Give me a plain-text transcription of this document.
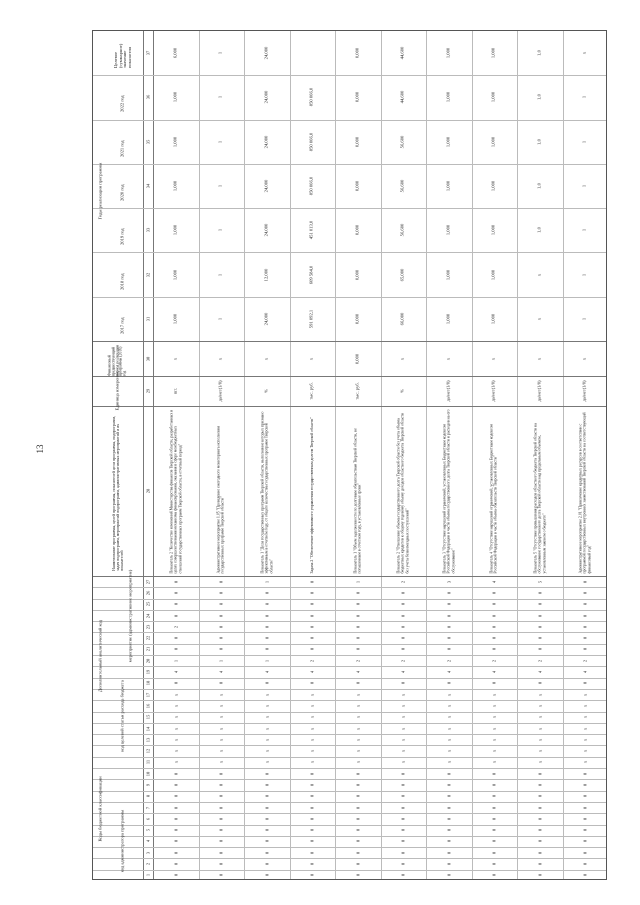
13
Коды бюджетной классификации
Дополнительный аналитический код
Годы реализации программы
код целевой статьи расхода бюджета
код администратора программы
мероприятие (административное мероприятие)
Наименование программы, целей программы, показателей цели программы, подпрограмм, задач подпрограмм, мероприятий подпрограмм, административных мероприятий и их показателей
Единица измерения
Финансовый предшествующий период реализации программы (2016) год
Целевое (суммарное) значение показателя
2022 год
2021 год
2020 год
2019 год
2018 год
2017 год
1
2
3
4
5
6
7
8
9
10
11
12
13
14
15
16
17
18
19
20
21
22
23
24
25
26
27
28
29
30
31
32
33
34
35
36
37
0
0
0
0
0
0
0
0
0
0
х
х
х
х
х
х
х
0
4
1
0
0
2
0
0
0
0
Показатель 2 "Количество изменений Министерства финансов Тверской области, разработанных в целях совершенствования механизма финансирования, оказания в сфере межбюджетных отношений государственных программ Тверской области, в отчетный период"
шт.
х
1,000
1,000
1,000
1,000
1,000
1,000
6,000
0
0
0
0
0
0
0
0
0
0
х
х
х
х
х
х
х
0
4
1
0
0
0
0
8
0
0
Административное мероприятие 1.05 "Проведение ежегодного мониторинга исполнения государственных программ Тверской области"
да/нет(1/0)
х
1
1
1
1
1
1
1
0
0
0
0
0
0
0
0
0
0
х
х
х
х
х
х
х
0
4
1
0
0
0
0
8
0
1
Показатель 1 "Доля государственных программ Тверской области, выполнение которых признано эффективным в отчетном году, от общего количества государственных программ Тверской области"
%
х
24,000
12,000
24,000
24,000
24,000
24,000
24,000
0
0
0
0
0
0
0
0
0
0
х
х
х
х
х
х
х
0
4
2
0
0
0
0
0
0
0
Задача 2 "Обеспечение эффективного управления государственным долгом Тверской области"
тыс. руб.
х
591 092,1
609 584,0
451 013,0
850 066,0
850 066,0
850 066,0
0
0
0
0
0
0
0
0
0
0
х
х
х
х
х
х
х
0
4
2
0
0
0
0
0
0
1
Показатель 1 "Объем задолженности по долговым обязательствам Тверской области, не погашенным в отчетном году, в установленные сроки"
тыс. руб.
0,000
0,000
0,000
0,000
0,000
0,000
0,000
0,000
0
0
0
0
0
0
0
0
0
0
х
х
х
х
х
х
х
0
4
2
0
0
0
0
0
0
2
Показатель 2 "Отношение объема государственного долга Тверской области без учета объема бюджетных кредитов к общему годовому объему доходов областного бюджета Тверской области без учета безвозмездных поступлений"
%
х
66,000
65,000
56,600
56,600
56,600
44,600
44,600
0
0
0
0
0
0
0
0
0
0
х
х
х
х
х
х
х
0
4
2
0
0
0
0
0
0
3
Показатель 3 "Отсутствие нарушений ограничений, установленных Бюджетным кодексом Российской Федерации в части объема государственного долга Тверской области и расходов на его обслуживание"
да/нет(1/0)
х
1,000
1,000
1,000
1,000
1,000
1,000
1,000
0
0
0
0
0
0
0
0
0
0
х
х
х
х
х
х
х
0
4
2
0
0
0
0
0
0
4
Показатель 4 "Отсутствие нарушений ограничений, установленных Бюджетным кодексом Российской Федерации в части объема обязательств Тверской области"
да/нет(1/0)
х
1,000
1,000
1,000
1,000
1,000
1,000
1,000
0
0
0
0
0
0
0
0
0
0
х
х
х
х
х
х
х
0
4
2
0
0
0
0
0
0
5
Показатель 5 "Отсутствие превышения расходов областного бюджета Тверской области на обслуживание государственного долга Тверской области над предельным объемом, установленным законом о бюджете"
да/нет(1/0)
х
х
х
1,0
1,0
1,0
1,0
1,0
0
0
0
0
0
0
0
0
0
0
х
х
х
х
х
х
х
0
4
2
0
0
0
0
8
0
0
Административное мероприятие 2.01 "Привлечение кредитных ресурсов в соответствии с программой государственных внутренних заимствований Тверской области на соответствующий финансовый год"
да/нет(1/0)
х
1
1
1
1
1
1
х
